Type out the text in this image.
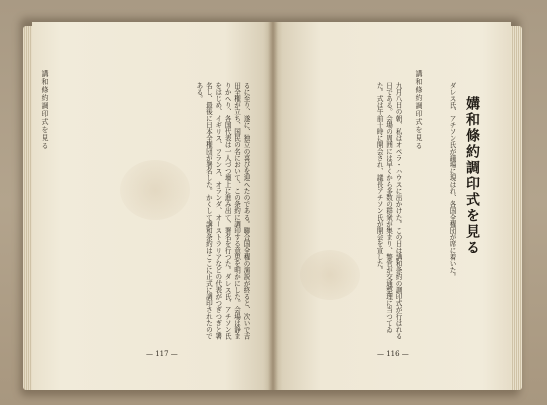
講和條約調印式を見る	るに至り、遂に、独立の喜びを迎へたのである。聯合国全権の演説が終ると、次いで吉田全権が立ち、国民の名において、この条約に調印する意思を明かにした。会場は静まりかへり、各国代表は一人づつ壇上に進み出て、署名を行つた。ダレス氏、アチソン氏をはじめ、イギリス、フランス、オランダ、オーストラリアなどの代表がつぎつぎと署名し、最後に日本全権団が署名した。かくして講和条約はここに正式に調印されたのである。
— 117 —
九月八日の朝、私はオペラ・ハウスに出かけた。この日は講和条約の調印式が行はれる日である。会場の周囲には早くから多数の群衆が集まり、警官が交通整理に当つてゐた。式は午前十時に開会され、議長アチソン氏が開会を宣した。	講和條約調印式を見る	ダレス氏、アチソン氏が議場に現はれ、各国全権団が席に着いた。 媾和條約調印式を見る
— 116 —
